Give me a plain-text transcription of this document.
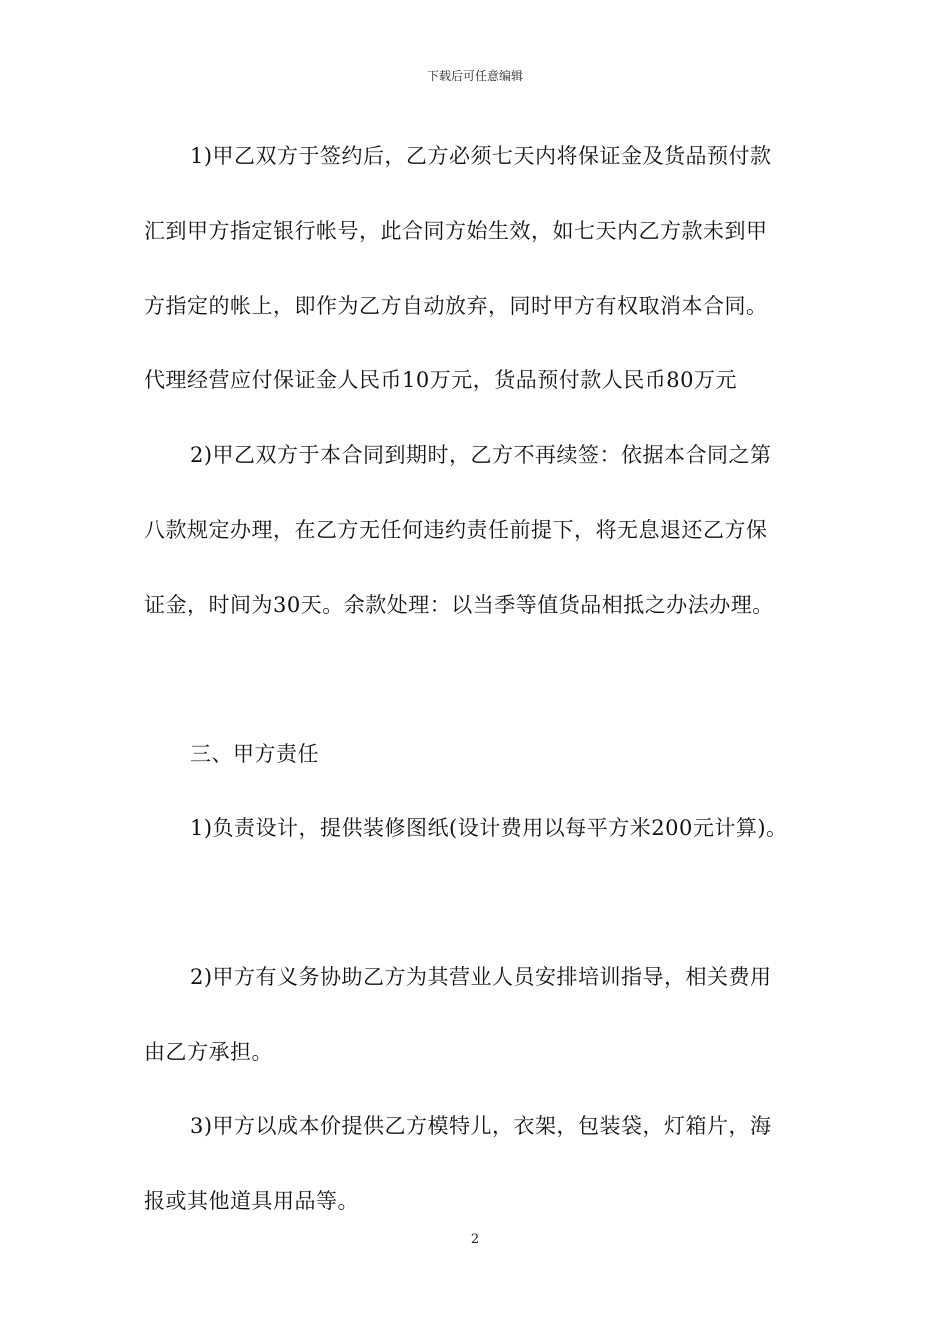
下载后可任意编辑
1)甲乙双方于签约后，乙方必须七天内将保证金及货品预付款
汇到甲方指定银行帐号，此合同方始生效，如七天内乙方款未到甲
方指定的帐上，即作为乙方自动放弃，同时甲方有权取消本合同。
代理经营应付保证金人民币10万元，货品预付款人民币80万元
2)甲乙双方于本合同到期时，乙方不再续签：依据本合同之第
八款规定办理，在乙方无任何违约责任前提下，将无息退还乙方保
证金，时间为30天。余款处理：以当季等值货品相抵之办法办理。
三、甲方责任
1)负责设计，提供装修图纸(设计费用以每平方米200元计算)。
2)甲方有义务协助乙方为其营业人员安排培训指导，相关费用
由乙方承担。
3)甲方以成本价提供乙方模特儿，衣架，包装袋，灯箱片，海
报或其他道具用品等。
2
